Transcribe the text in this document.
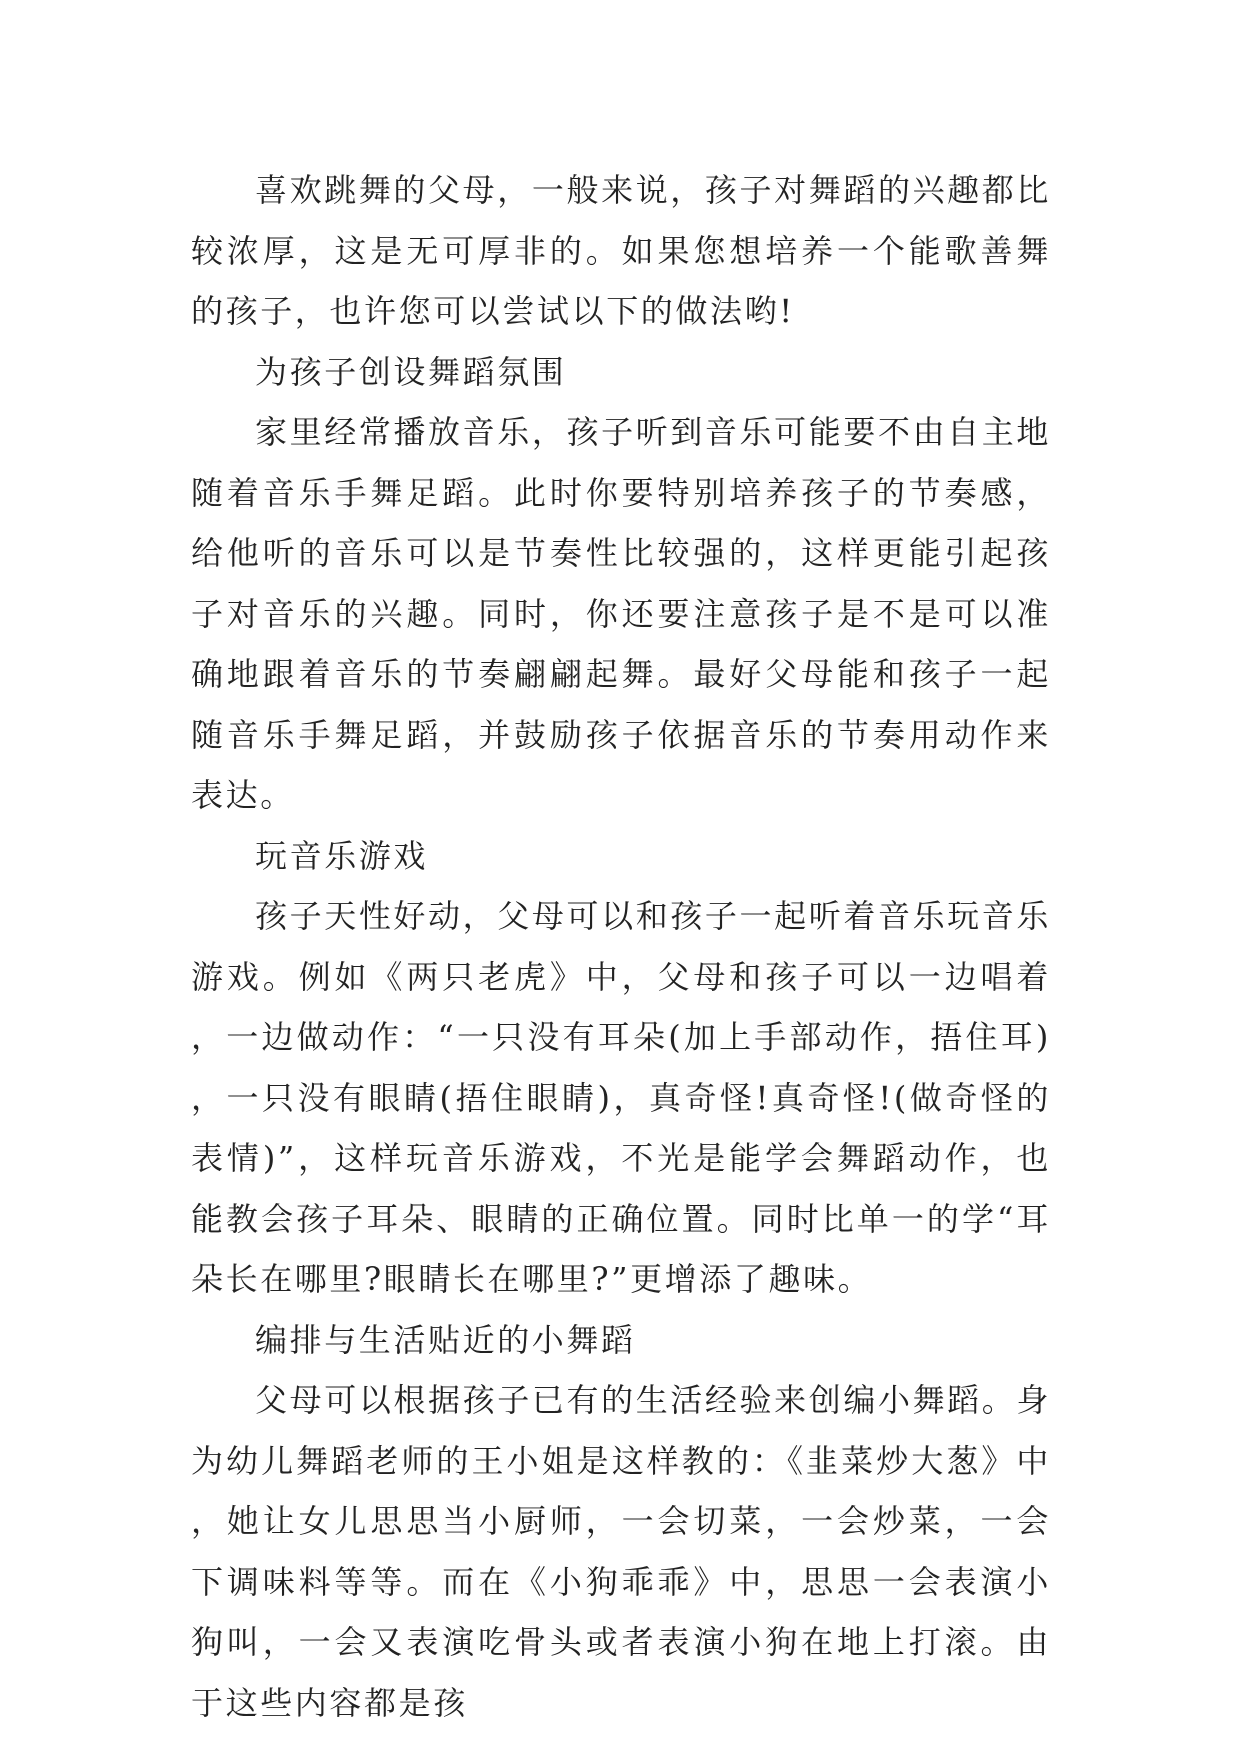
喜欢跳舞的父母，一般来说，孩子对舞蹈的兴趣都比较浓厚，这是无可厚非的。如果您想培养一个能歌善舞的孩子，也许您可以尝试以下的做法哟!

为孩子创设舞蹈氛围

家里经常播放音乐，孩子听到音乐可能要不由自主地随着音乐手舞足蹈。此时你要特别培养孩子的节奏感，给他听的音乐可以是节奏性比较强的，这样更能引起孩子对音乐的兴趣。同时，你还要注意孩子是不是可以准确地跟着音乐的节奏翩翩起舞。最好父母能和孩子一起随音乐手舞足蹈，并鼓励孩子依据音乐的节奏用动作来表达。

玩音乐游戏

孩子天性好动，父母可以和孩子一起听着音乐玩音乐游戏。例如《两只老虎》中，父母和孩子可以一边唱着，一边做动作：“一只没有耳朵(加上手部动作，捂住耳)，一只没有眼睛(捂住眼睛)，真奇怪!真奇怪!(做奇怪的表情)”，这样玩音乐游戏，不光是能学会舞蹈动作，也能教会孩子耳朵、眼睛的正确位置。同时比单一的学“耳朵长在哪里?眼睛长在哪里?”更增添了趣味。

编排与生活贴近的小舞蹈

父母可以根据孩子已有的生活经验来创编小舞蹈。身为幼儿舞蹈老师的王小姐是这样教的：《韭菜炒大葱》中，她让女儿思思当小厨师，一会切菜，一会炒菜，一会下调味料等等。而在《小狗乖乖》中，思思一会表演小狗叫，一会又表演吃骨头或者表演小狗在地上打滚。由于这些内容都是孩
